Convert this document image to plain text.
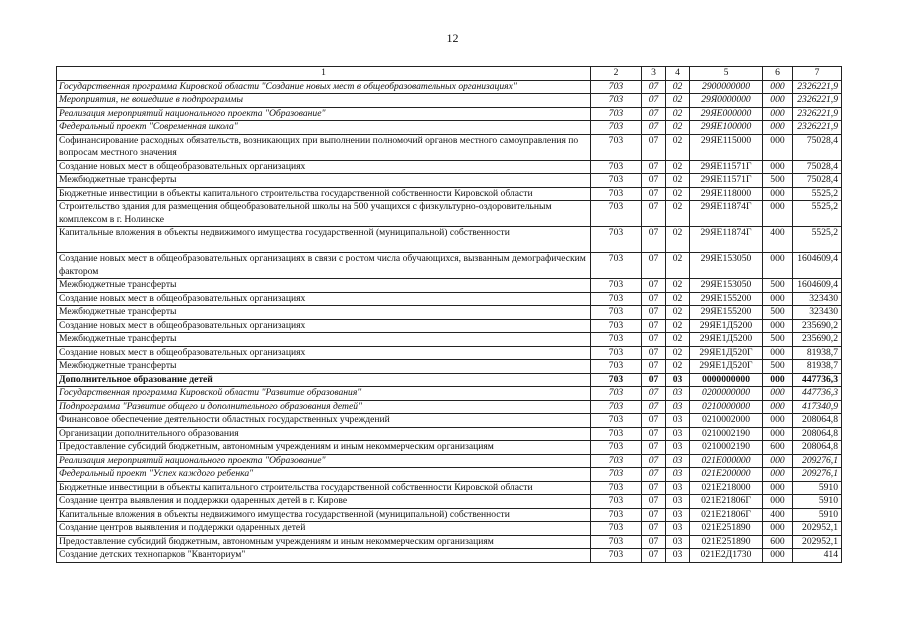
12
1	2	3	4	5	6	7
Государственная программа Кировской области "Создание новых мест в общеобразовательных организациях"	703	07	02	2900000000	000	2326221,9
Мероприятия, не вошедшие в подпрограммы	703	07	02	29Я0000000	000	2326221,9
Реализация мероприятий национального проекта "Образование"	703	07	02	29ЯЕ000000	000	2326221,9
Федеральный проект "Современная школа"	703	07	02	29ЯЕ100000	000	2326221,9
Софинансирование расходных обязательств, возникающих при выполнении полномочий органов местного самоуправления по вопросам местного значения	703	07	02	29ЯЕ115000	000	75028,4
Создание новых мест в общеобразовательных организациях	703	07	02	29ЯЕ11571Г	000	75028,4
Межбюджетные трансферты	703	07	02	29ЯЕ11571Г	500	75028,4
Бюджетные инвестиции в объекты капитального строительства государственной собственности Кировской области	703	07	02	29ЯЕ118000	000	5525,2
Строительство здания для размещения общеобразовательной школы на 500 учащихся с физкультурно-оздоровительным комплексом в г. Нолинске	703	07	02	29ЯЕ11874Г	000	5525,2
Капитальные вложения в объекты недвижимого имущества государственной (муниципальной) собственности	703	07	02	29ЯЕ11874Г	400	5525,2
Создание новых мест в общеобразовательных организациях в связи с ростом числа обучающихся, вызванным демографическим фактором	703	07	02	29ЯЕ153050	000	1604609,4
Межбюджетные трансферты	703	07	02	29ЯЕ153050	500	1604609,4
Создание новых мест в общеобразовательных организациях	703	07	02	29ЯЕ155200	000	323430
Межбюджетные трансферты	703	07	02	29ЯЕ155200	500	323430
Создание новых мест в общеобразовательных организациях	703	07	02	29ЯЕ1Д5200	000	235690,2
Межбюджетные трансферты	703	07	02	29ЯЕ1Д5200	500	235690,2
Создание новых мест в общеобразовательных организациях	703	07	02	29ЯЕ1Д520Г	000	81938,7
Межбюджетные трансферты	703	07	02	29ЯЕ1Д520Г	500	81938,7
Дополнительное образование детей	703	07	03	0000000000	000	447736,3
Государственная программа Кировской области "Развитие образования"	703	07	03	0200000000	000	447736,3
Подпрограмма "Развитие общего и дополнительного образования детей"	703	07	03	0210000000	000	417340,9
Финансовое обеспечение деятельности областных государственных учреждений	703	07	03	0210002000	000	208064,8
Организации дополнительного образования	703	07	03	0210002190	000	208064,8
Предоставление субсидий бюджетным, автономным учреждениям и иным некоммерческим организациям	703	07	03	0210002190	600	208064,8
Реализация мероприятий национального проекта "Образование"	703	07	03	021E000000	000	209276,1
Федеральный проект "Успех каждого ребенка"	703	07	03	021E200000	000	209276,1
Бюджетные инвестиции в объекты капитального строительства государственной собственности Кировской области	703	07	03	021E218000	000	5910
Создание центра выявления и поддержки одаренных детей в г. Кирове	703	07	03	021E21806Г	000	5910
Капитальные вложения в объекты недвижимого имущества государственной (муниципальной) собственности	703	07	03	021E21806Г	400	5910
Создание центров выявления и поддержки одаренных детей	703	07	03	021E251890	000	202952,1
Предоставление субсидий бюджетным, автономным учреждениям и иным некоммерческим организациям	703	07	03	021E251890	600	202952,1
Создание детских технопарков "Кванториум"	703	07	03	021E2Д1730	000	414
